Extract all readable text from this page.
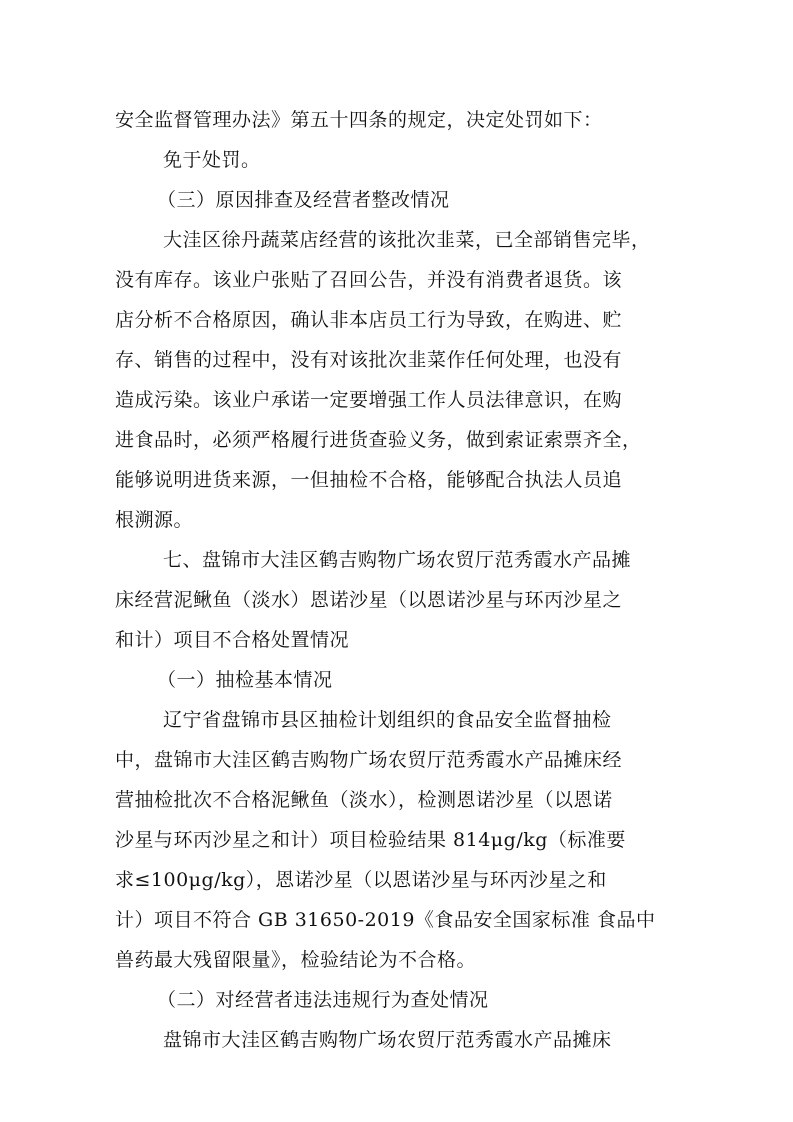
安全监督管理办法》第五十四条的规定，决定处罚如下：
免于处罚。
（三）原因排查及经营者整改情况
大洼区徐丹蔬菜店经营的该批次韭菜，已全部销售完毕，
没有库存。该业户张贴了召回公告，并没有消费者退货。该
店分析不合格原因，确认非本店员工行为导致，在购进、贮
存、销售的过程中，没有对该批次韭菜作任何处理，也没有
造成污染。该业户承诺一定要增强工作人员法律意识，在购
进食品时，必须严格履行进货查验义务，做到索证索票齐全，
能够说明进货来源，一但抽检不合格，能够配合执法人员追
根溯源。
七、盘锦市大洼区鹤吉购物广场农贸厅范秀霞水产品摊
床经营泥鳅鱼（淡水）恩诺沙星（以恩诺沙星与环丙沙星之
和计）项目不合格处置情况
（一）抽检基本情况
辽宁省盘锦市县区抽检计划组织的食品安全监督抽检
中，盘锦市大洼区鹤吉购物广场农贸厅范秀霞水产品摊床经
营抽检批次不合格泥鳅鱼（淡水），检测恩诺沙星（以恩诺
沙星与环丙沙星之和计）项目检验结果 814μg/kg（标准要
求≤100μg/kg），恩诺沙星（以恩诺沙星与环丙沙星之和
计）项目不符合 GB 31650-2019《食品安全国家标准 食品中
兽药最大残留限量》，检验结论为不合格。
（二）对经营者违法违规行为查处情况
盘锦市大洼区鹤吉购物广场农贸厅范秀霞水产品摊床
